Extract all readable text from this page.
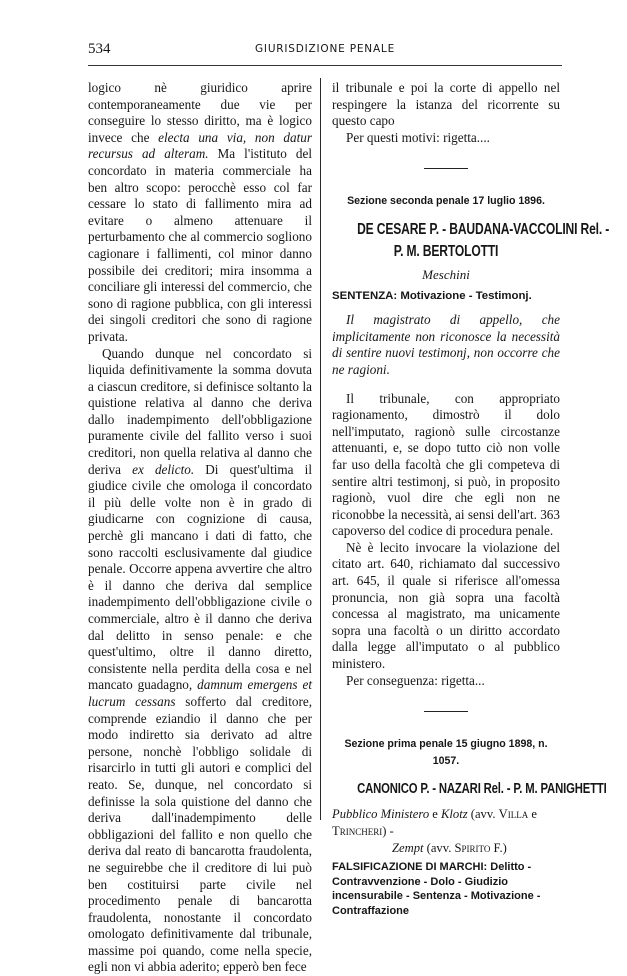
534	GIURISDIZIONE PENALE

logico nè giuridico aprire contemporaneamente due vie per conseguire lo stesso diritto, ma è logico invece che electa una via, non datur recursus ad alteram. Ma l'istituto del concordato in materia commerciale ha ben altro scopo: perocchè esso col far cessare lo stato di fallimento mira ad evitare o almeno attenuare il perturbamento che al commercio sogliono cagionare i fallimenti, col minor danno possibile dei creditori; mira insomma a conciliare gli interessi del commercio, che sono di ragione pubblica, con gli interessi dei singoli creditori che sono di ragione privata.

Quando dunque nel concordato si liquida definitivamente la somma dovuta a ciascun creditore, si definisce soltanto la quistione relativa al danno che deriva dallo inadempimento dell'obbligazione puramente civile del fallito verso i suoi creditori, non quella relativa al danno che deriva ex delicto. Di quest'ultima il giudice civile che omologa il concordato il più delle volte non è in grado di giudicarne con cognizione di causa, perchè gli mancano i dati di fatto, che sono raccolti esclusivamente dal giudice penale. Occorre appena avvertire che altro è il danno che deriva dal semplice inadempimento dell'obbligazione civile o commerciale, altro è il danno che deriva dal delitto in senso penale: e che quest'ultimo, oltre il danno diretto, consistente nella perdita della cosa e nel mancato guadagno, damnum emergens et lucrum cessans sofferto dal creditore, comprende eziandio il danno che per modo indiretto sia derivato ad altre persone, nonchè l'obbligo solidale di risarcirlo in tutti gli autori e complici del reato. Se, dunque, nel concordato si definisse la sola quistione del danno che deriva dall'inadempimento delle obbligazioni del fallito e non quello che deriva dal reato di bancarotta fraudolenta, ne seguirebbe che il creditore di lui può ben costituirsi parte civile nel procedimento penale di bancarotta fraudolenta, nonostante il concordato omologato definitivamente dal tribunale, massime poi quando, come nella specie, egli non vi abbia aderito; epperò ben fece

il tribunale e poi la corte di appello nel respingere la istanza del ricorrente su questo capo

Per questi motivi: rigetta....

Sezione seconda penale 17 luglio 1896.
DE CESARE P. - BAUDANA-VACCOLINI Rel. -
P. M. BERTOLOTTI
Meschini
SENTENZA: Motivazione - Testimonj.

Il magistrato di appello, che implicitamente non riconosce la necessità di sentire nuovi testimonj, non occorre che ne ragioni.

Il tribunale, con appropriato ragionamento, dimostrò il dolo nell'imputato, ragionò sulle circostanze attenuanti, e, se dopo tutto ciò non volle far uso della facoltà che gli competeva di sentire altri testimonj, si può, in proposito ragionò, vuol dire che egli non ne riconobbe la necessità, ai sensi dell'art. 363 capoverso del codice di procedura penale.

Nè è lecito invocare la violazione del citato art. 640, richiamato dal successivo art. 645, il quale si riferisce all'omessa pronuncia, non già sopra una facoltà concessa al magistrato, ma unicamente sopra una facoltà o un diritto accordato dalla legge all'imputato o al pubblico ministero.

Per conseguenza: rigetta...

Sezione prima penale 15 giugno 1898, n. 1057.
CANONICO P. - NAZARI Rel. - P. M. PANIGHETTI

Pubblico Ministero e Klotz (avv. Villa e
Trincheri) -
Zempt (avv. Spirito F.)

FALSIFICAZIONE DI MARCHI: Delitto - Contravvenzione - Dolo - Giudizio incensurabile - Sentenza - Motivazione - Contraffazione
